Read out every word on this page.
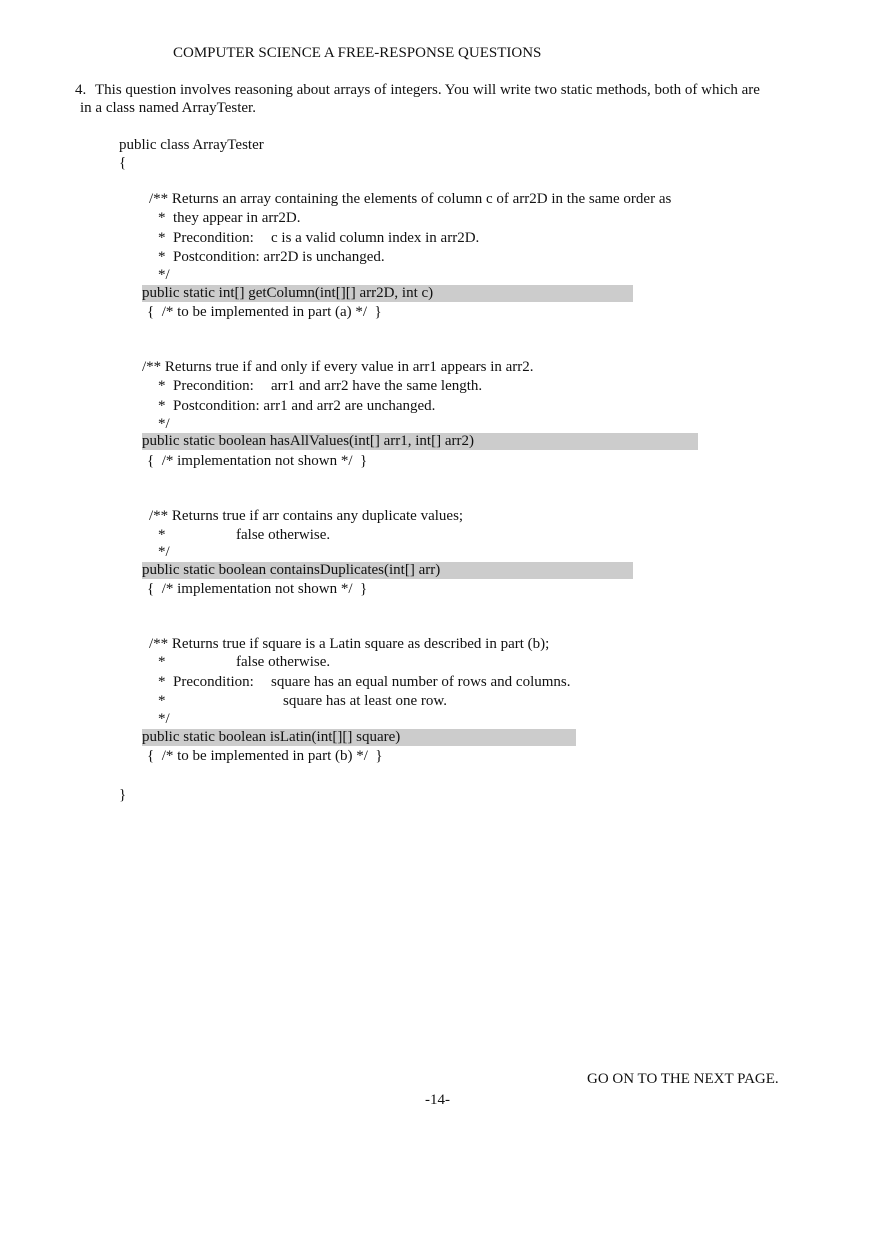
COMPUTER SCIENCE A FREE-RESPONSE QUESTIONS
4. This question involves reasoning about arrays of integers. You will write two static methods, both of which are
in a class named ArrayTester.
public class ArrayTester
{
/** Returns an array containing the elements of column c of arr2D in the same order as
*  they appear in arr2D.
*  Precondition: c is a valid column index in arr2D.
*  Postcondition: arr2D is unchanged.
*/
public static int[] getColumn(int[][] arr2D, int c)
{  /* to be implemented in part (a) */  }
/** Returns true if and only if every value in arr1 appears in arr2.
*  Precondition: arr1 and arr2 have the same length.
*  Postcondition: arr1 and arr2 are unchanged.
*/
public static boolean hasAllValues(int[] arr1, int[] arr2)
{  /* implementation not shown */  }
/** Returns true if arr contains any duplicate values;
*	false otherwise.
*/
public static boolean containsDuplicates(int[] arr)
{  /* implementation not shown */  }
/** Returns true if square is a Latin square as described in part (b);
*	false otherwise.
*  Precondition: square has an equal number of rows and columns.
*	square has at least one row.
*/
public static boolean isLatin(int[][] square)
{  /* to be implemented in part (b) */  }
}
GO ON TO THE NEXT PAGE.
-14-
